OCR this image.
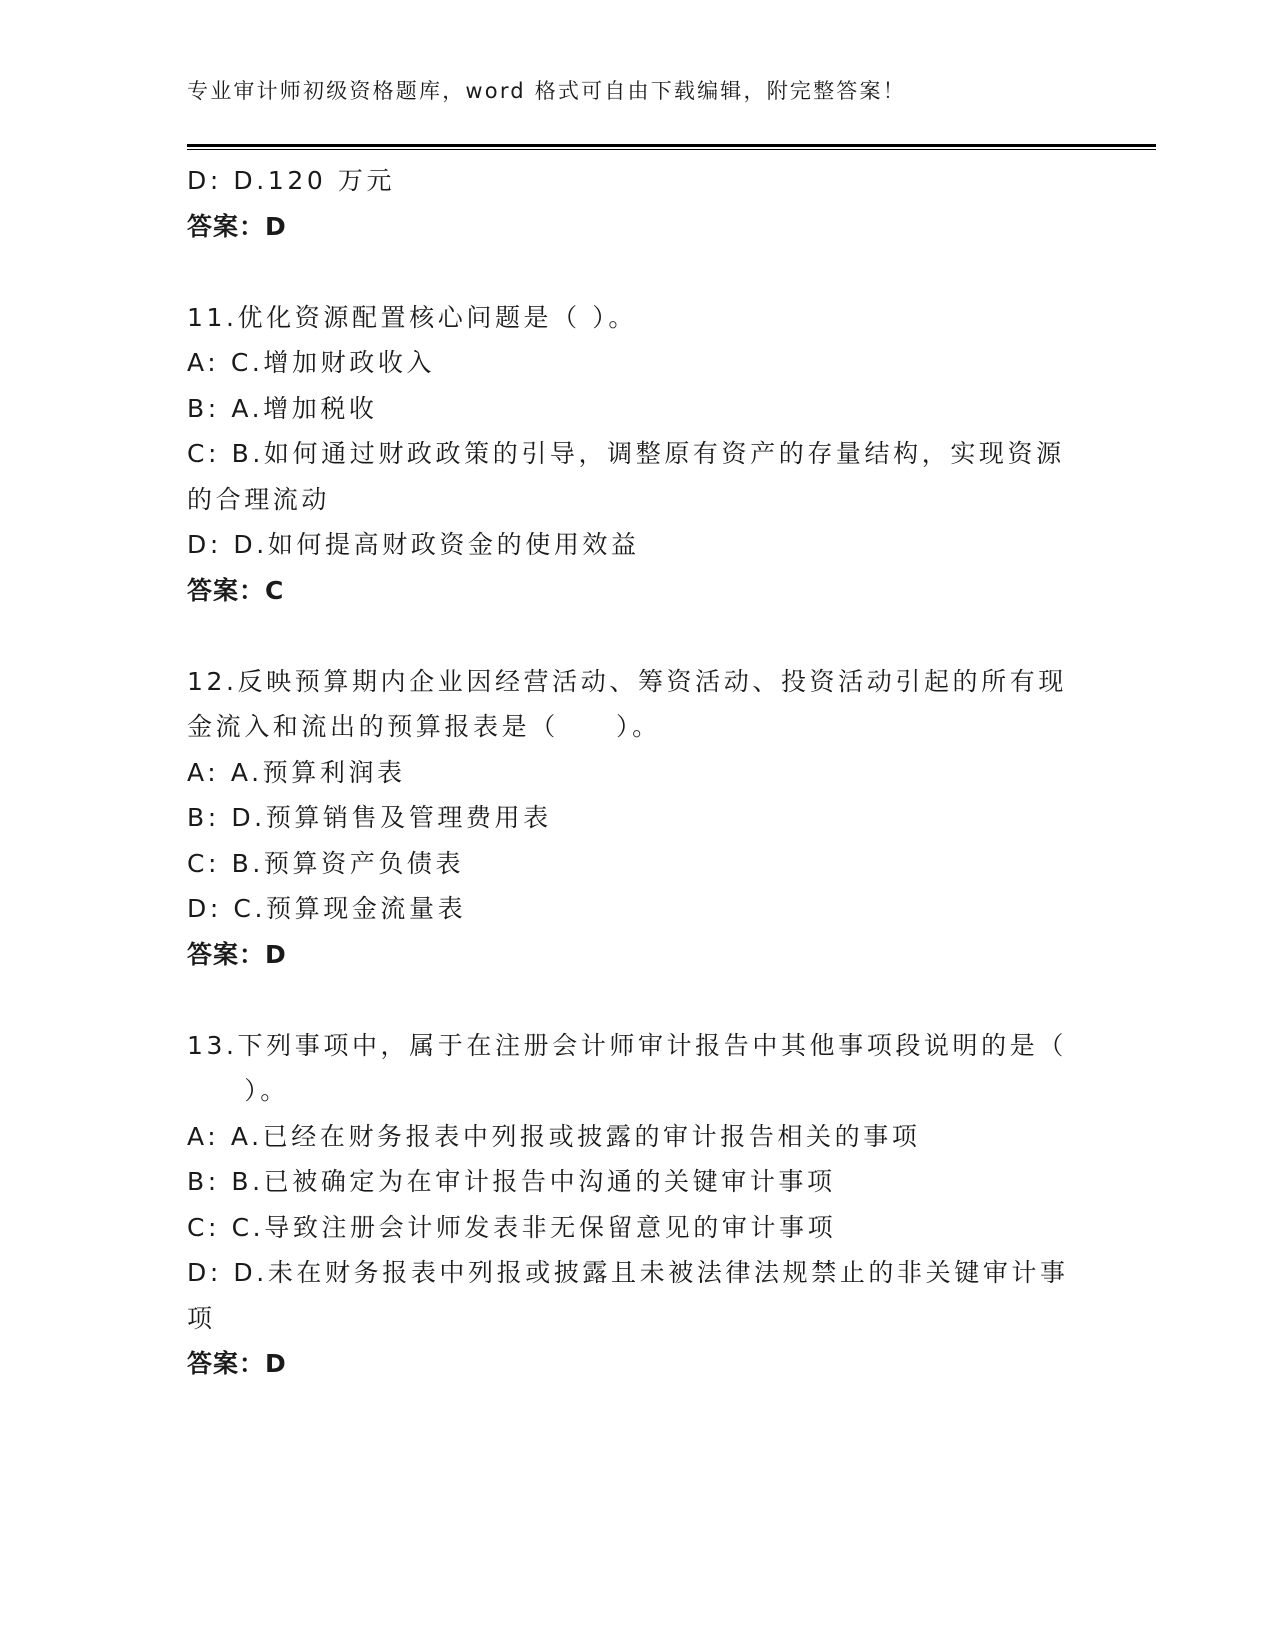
专业审计师初级资格题库，word 格式可自由下载编辑，附完整答案！
D: D.120 万元
答案：D
11.优化资源配置核心问题是（ ）。
A: C.增加财政收入
B: A.增加税收
C: B.如何通过财政政策的引导，调整原有资产的存量结构，实现资源
的合理流动
D: D.如何提高财政资金的使用效益
答案：C
12.反映预算期内企业因经营活动、筹资活动、投资活动引起的所有现
金流入和流出的预算报表是（　　）。
A: A.预算利润表
B: D.预算销售及管理费用表
C: B.预算资产负债表
D: C.预算现金流量表
答案：D
13.下列事项中，属于在注册会计师审计报告中其他事项段说明的是（
　　）。
A: A.已经在财务报表中列报或披露的审计报告相关的事项
B: B.已被确定为在审计报告中沟通的关键审计事项
C: C.导致注册会计师发表非无保留意见的审计事项
D: D.未在财务报表中列报或披露且未被法律法规禁止的非关键审计事
项
答案：D
